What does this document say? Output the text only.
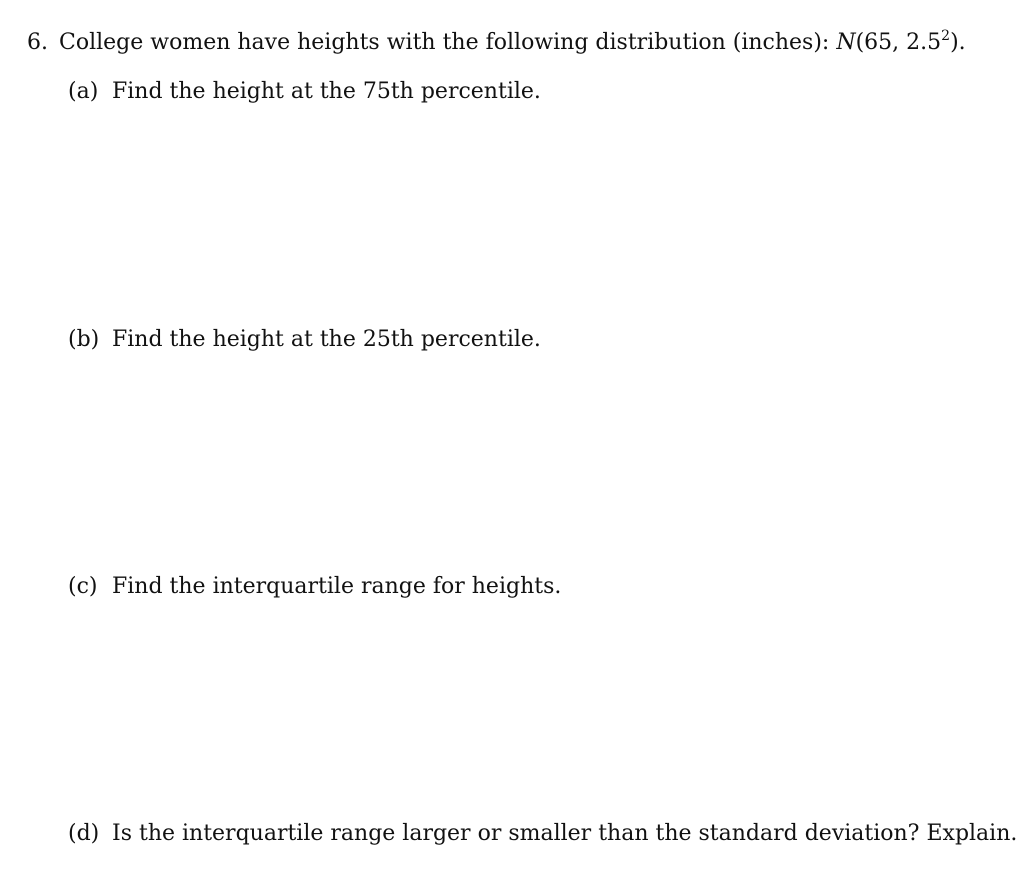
6. College women have heights with the following distribution (inches): N(65, $2.5^2$).
(a) Find the height at the 75th percentile.
(b) Find the height at the 25th percentile.
(c) Find the interquartile range for heights.
(d) Is the interquartile range larger or smaller than the standard deviation? Explain.
